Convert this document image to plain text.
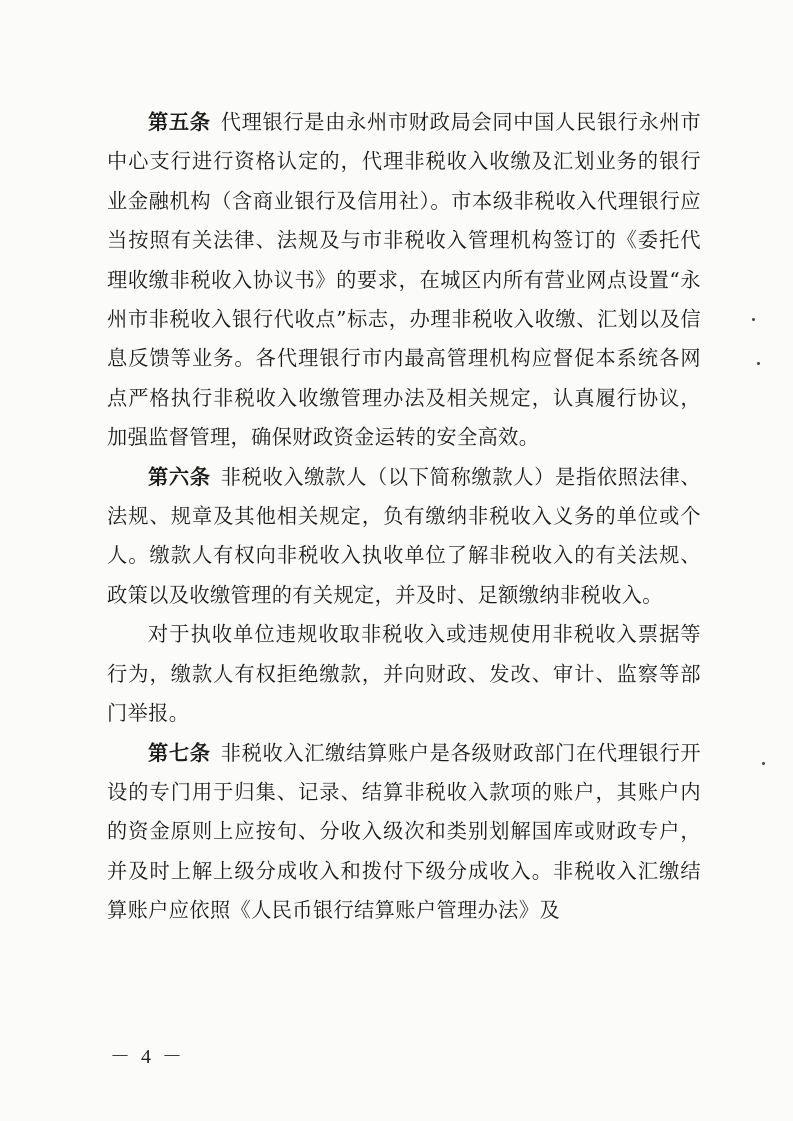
第五条 代理银行是由永州市财政局会同中国人民银行永州市中心支行进行资格认定的，代理非税收入收缴及汇划业务的银行业金融机构（含商业银行及信用社）。市本级非税收入代理银行应当按照有关法律、法规及与市非税收入管理机构签订的《委托代理收缴非税收入协议书》的要求，在城区内所有营业网点设置“永州市非税收入银行代收点”标志，办理非税收入收缴、汇划以及信息反馈等业务。各代理银行市内最高管理机构应督促本系统各网点严格执行非税收入收缴管理办法及相关规定，认真履行协议，加强监督管理，确保财政资金运转的安全高效。

第六条 非税收入缴款人（以下简称缴款人）是指依照法律、法规、规章及其他相关规定，负有缴纳非税收入义务的单位或个人。缴款人有权向非税收入执收单位了解非税收入的有关法规、政策以及收缴管理的有关规定，并及时、足额缴纳非税收入。

对于执收单位违规收取非税收入或违规使用非税收入票据等行为，缴款人有权拒绝缴款，并向财政、发改、审计、监察等部门举报。

第七条 非税收入汇缴结算账户是各级财政部门在代理银行开设的专门用于归集、记录、结算非税收入款项的账户，其账户内的资金原则上应按旬、分收入级次和类别划解国库或财政专户，并及时上解上级分成收入和拨付下级分成收入。非税收入汇缴结算账户应依照《人民币银行结算账户管理办法》及

－ 4 －
